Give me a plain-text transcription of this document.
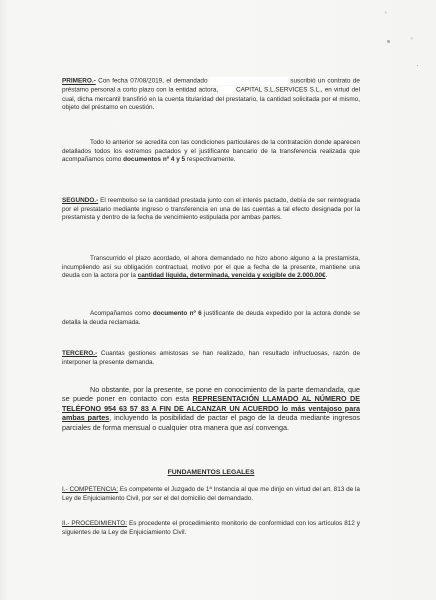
'
'
·
PRIMERO.- Con fecha 07/08/2019, el demandado	suscribió un contrato de préstamo personal a corto plazo con la entidad actora,  CAPITAL S.L.SERVICES S.L., en virtud del cual, dicha mercantil transfirió en la cuenta titularidad del prestatario, la cantidad solicitada por el mismo, objeto del préstamo en cuestión.
Todo lo anterior se acredita con las condiciones particulares de la contratación donde aparecen detallados todos los extremos pactados y el justificante bancario de la transferencia realizada que acompañamos como documentos nº 4 y 5 respectivamente.
SEGUNDO.- El reembolso se la cantidad prestada junto con el interés pactado, debía de ser reintegrada por el prestatario mediante ingreso o transferencia en una de las cuentas a tal efecto designada por la prestamista y dentro de la fecha de vencimiento estipulada por ambas partes.
Transcurrido el plazo acordado, el ahora demandado no hizo abono alguno a la prestamista, incumpliendo así su obligación contractual, motivo por el que a fecha de la presente, mantiene una deuda con la actora por la cantidad líquida, determinada, vencida y exigible de 2.000.00€.
Acompañamos como documento nº 6 justificante de deuda expedido por la actora donde se detalla la deuda reclamada.
TERCERO.- Cuantas gestiones amistosas se han realizado, han resultado infructuosas, razón de interponer la presente demanda.
No obstante, por la presente, se pone en conocimiento de la parte demandada, que se puede poner en contacto con esta REPRESENTACIÓN LLAMADO AL NÚMERO DE TELÉFONO 954 63 57 83 A FIN DE ALCANZAR UN ACUERDO lo más ventajoso para ambas partes, incluyendo la posibilidad de pactar el pago de la deuda mediante ingresos parciales de forma mensual o cualquier otra manera que así convenga.
FUNDAMENTOS LEGALES
I.- COMPETENCIA: Es competente el Juzgado de 1ª Instancia al que me dirijo en virtud del art. 813 de la Ley de Enjuiciamiento Civil, por ser el del domicilio del demandado.
II.- PROCEDIMIENTO: Es procedente el procedimiento monitorio de conformidad con los artículos 812 y siguientes de la Ley de Enjuiciamiento Civil.
